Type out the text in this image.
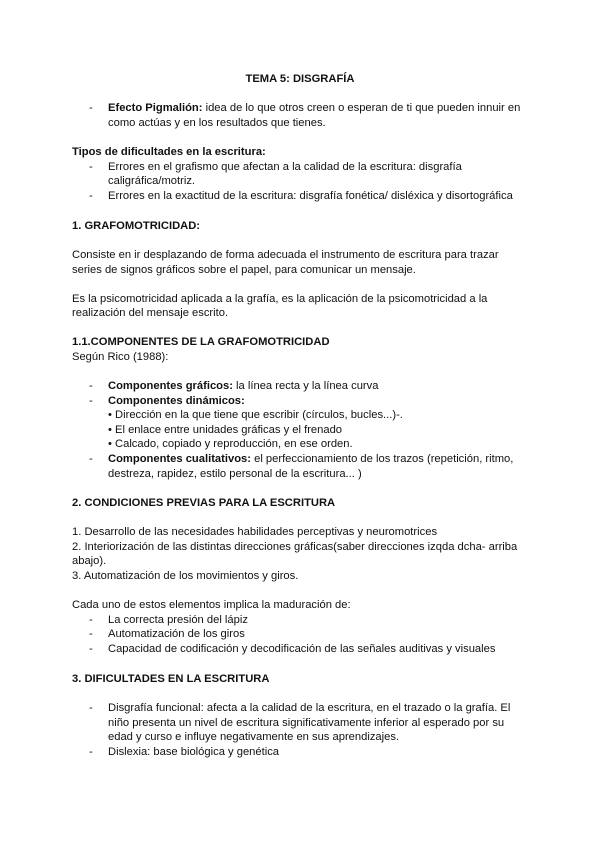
TEMA 5: DISGRAFÍA
- Efecto Pigmalión: idea de lo que otros creen o esperan de ti que pueden innuir en como actúas y en los resultados que tienes.
Tipos de dificultades en la escritura:
- Errores en el grafismo que afectan a la calidad de la escritura: disgrafía caligráfica/motriz.
- Errores en la exactitud de la escritura: disgrafía fonética/ disléxica y disortográfica
1. GRAFOMOTRICIDAD:

Consiste en ir desplazando de forma adecuada el instrumento de escritura para trazar series de signos gráficos sobre el papel, para comunicar un mensaje.

Es la psicomotricidad aplicada a la grafía, es la aplicación de la psicomotricidad a la realización del mensaje escrito.

1.1.COMPONENTES DE LA GRAFOMOTRICIDAD
Según Rico (1988):
- Componentes gráficos: la línea recta y la línea curva
- Componentes dinámicos:
• Dirección en la que tiene que escribir (círculos, bucles...)-.
• El enlace entre unidades gráficas y el frenado
• Calcado, copiado y reproducción, en ese orden.
- Componentes cualitativos: el perfeccionamiento de los trazos (repetición, ritmo, destreza, rapidez, estilo personal de la escritura... )
2. CONDICIONES PREVIAS PARA LA ESCRITURA
1. Desarrollo de las necesidades habilidades perceptivas y neuromotrices
2. Interiorización de las distintas direcciones gráficas(saber direcciones izqda dcha- arriba abajo).
3. Automatización de los movimientos y giros.
Cada uno de estos elementos implica la maduración de:
- La correcta presión del lápiz
- Automatización de los giros
- Capacidad de codificación y decodificación de las señales auditivas y visuales
3. DIFICULTADES EN LA ESCRITURA
- Disgrafía funcional: afecta a la calidad de la escritura, en el trazado o la grafía. El niño presenta un nivel de escritura significativamente inferior al esperado por su edad y curso e influye negativamente en sus aprendizajes.
- Dislexia: base biológica y genética
